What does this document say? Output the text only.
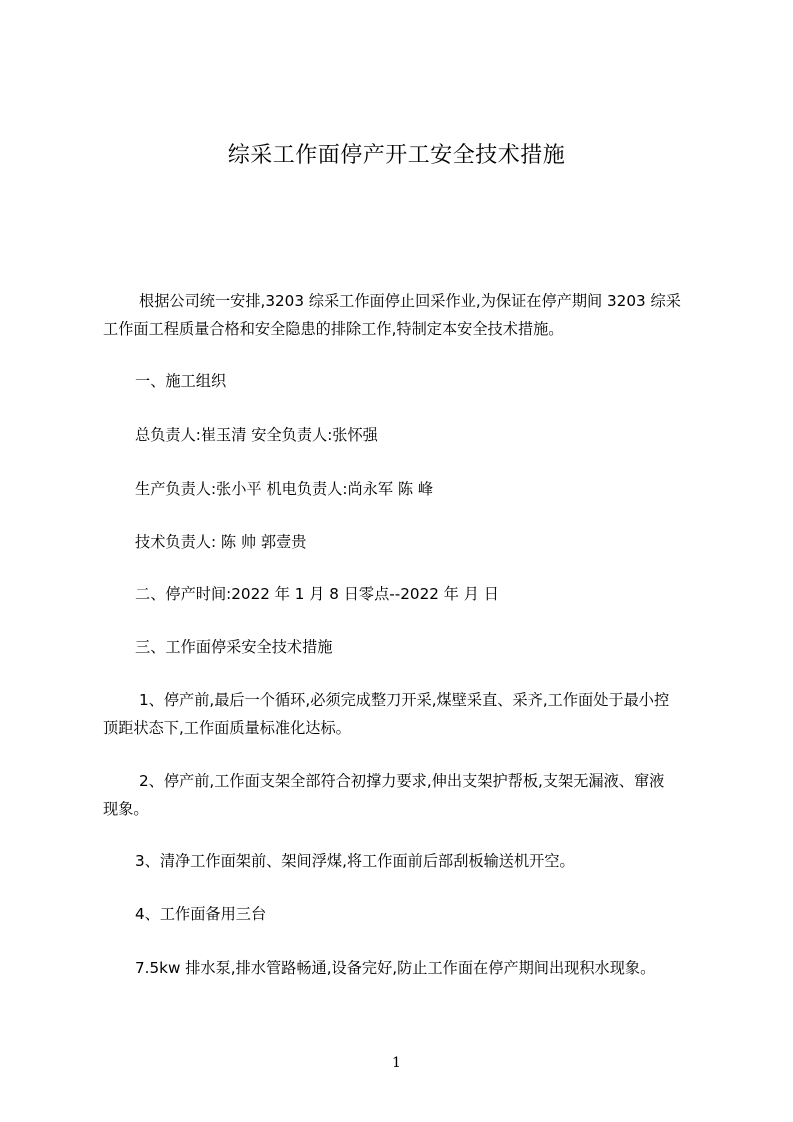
综采工作面停产开工安全技术措施
根据公司统一安排,3203 综采工作面停止回采作业,为保证在停产期间 3203 综采
工作面工程质量合格和安全隐患的排除工作,特制定本安全技术措施。
一、施工组织
总负责人:崔玉清 安全负责人:张怀强
生产负责人:张小平 机电负责人:尚永军 陈 峰
技术负责人: 陈 帅 郭壹贵
二、停产时间:2022 年 1 月 8 日零点--2022 年 月 日
三、工作面停采安全技术措施
1、停产前,最后一个循环,必须完成整刀开采,煤壁采直、采齐,工作面处于最小控
顶距状态下,工作面质量标准化达标。
2、停产前,工作面支架全部符合初撑力要求,伸出支架护帮板,支架无漏液、窜液
现象。
3、清净工作面架前、架间浮煤,将工作面前后部刮板输送机开空。
4、工作面备用三台
7.5kw 排水泵,排水管路畅通,设备完好,防止工作面在停产期间出现积水现象。
1
